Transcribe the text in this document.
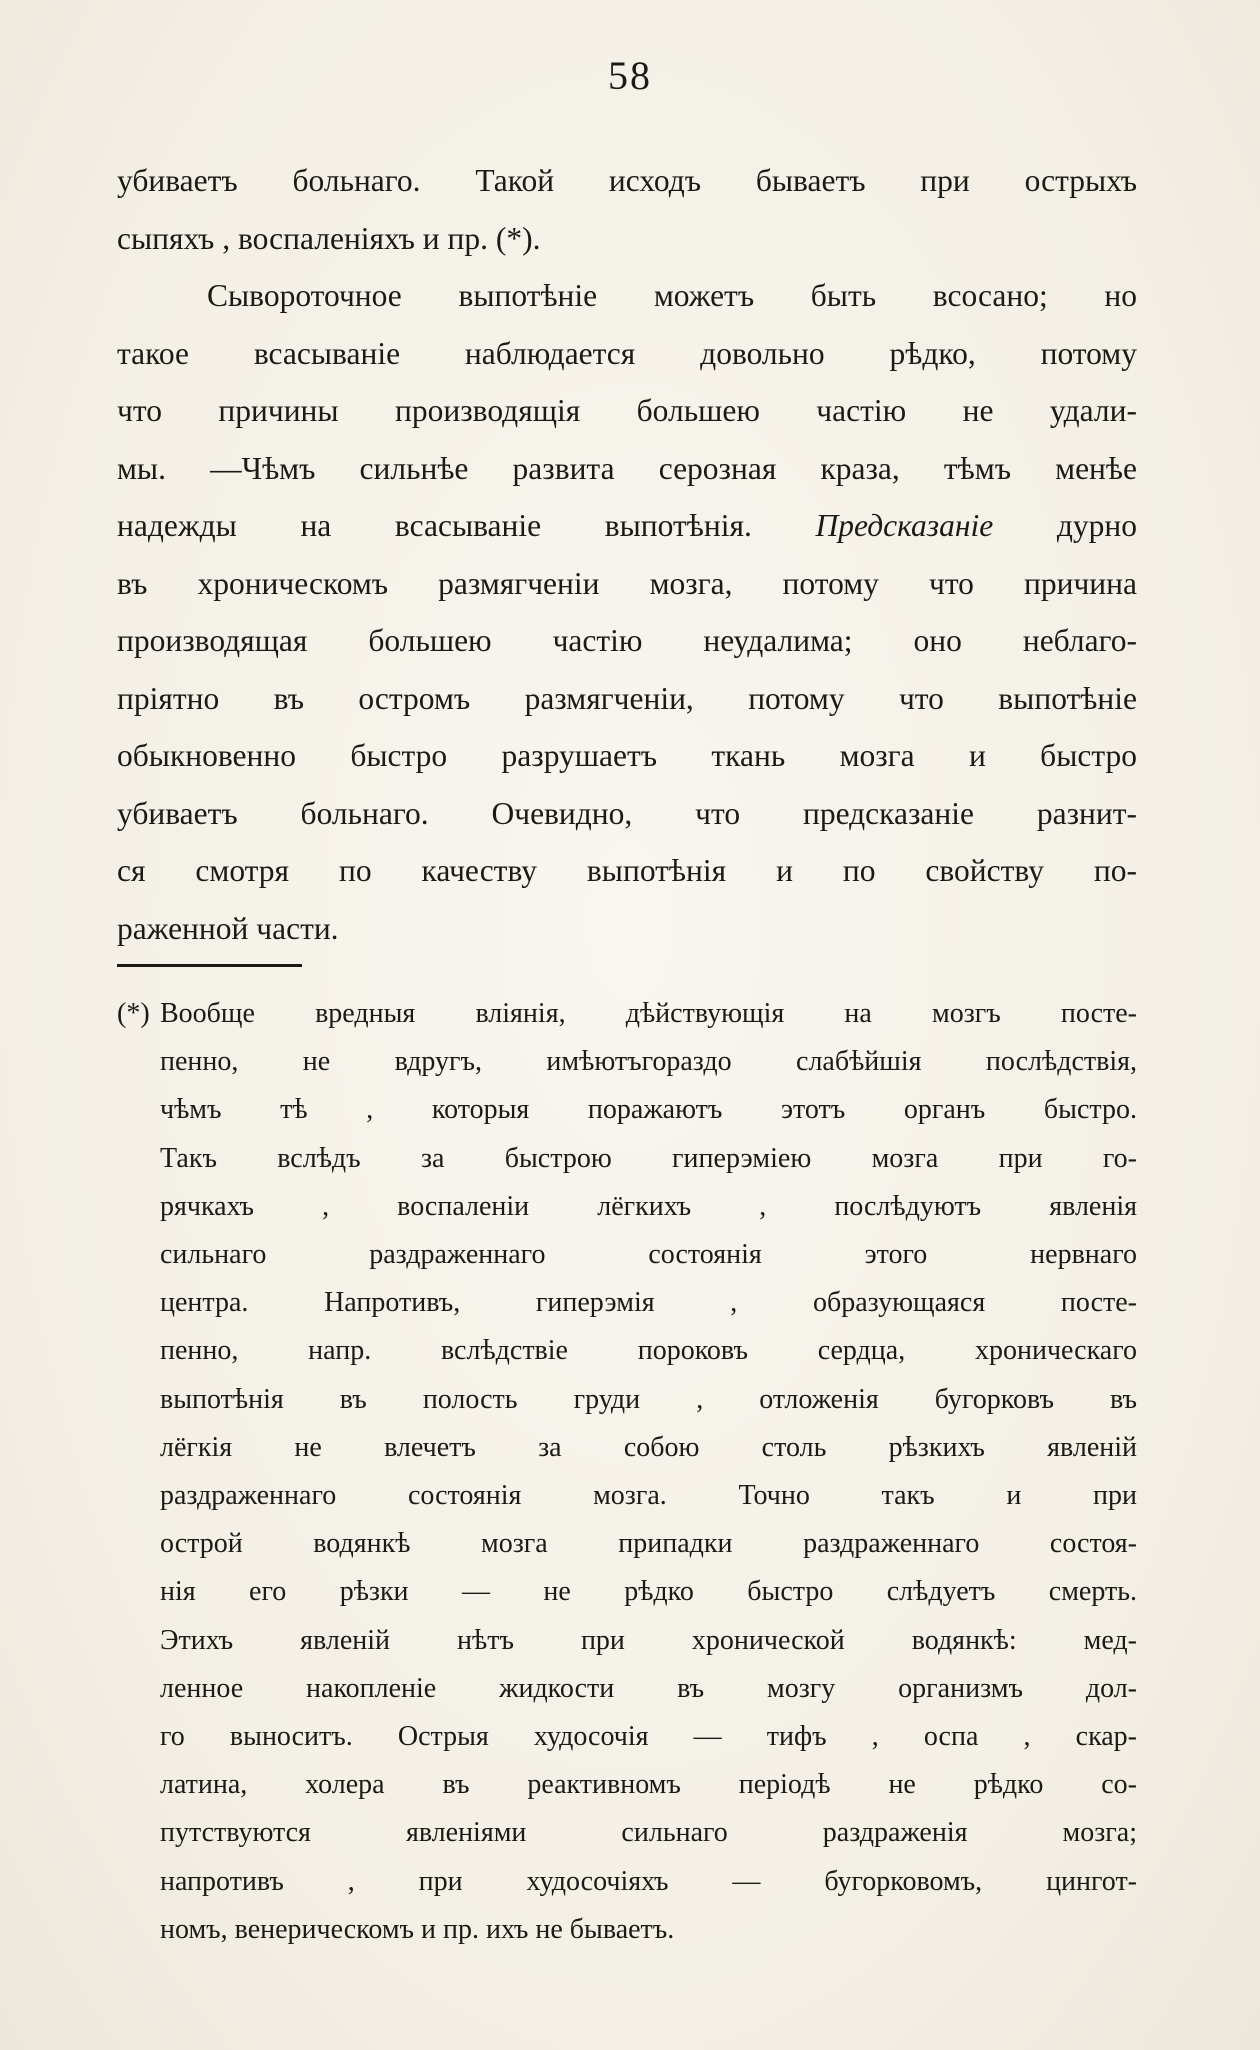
58
убиваетъ больнаго. Такой исходъ бываетъ при острыхъ
сыпяхъ , воспаленіяхъ и пр. (*).
Сывороточное выпотѣніе можетъ быть всосано; но
такое всасываніе наблюдается довольно рѣдко, потому
что причины производящія большею частію не удали-
мы. —Чѣмъ сильнѣе развита серозная краза, тѣмъ менѣе
надежды на всасываніе выпотѣнія. Предсказаніе дурно
въ хроническомъ размягченіи мозга, потому что причина
производящая большею частію неудалима; оно неблаго-
пріятно въ остромъ размягченіи, потому что выпотѣніе
обыкновенно быстро разрушаетъ ткань мозга и быстро
убиваетъ больнаго. Очевидно, что предсказаніе разнит-
ся смотря по качеству выпотѣнія и по свойству по-
раженной части.
(*) Вообще вредныя вліянія, дѣйствующія на мозгъ посте-
пенно, не вдругъ, имѣютъгораздо слабѣйшія послѣдствія,
чѣмъ тѣ , которыя поражаютъ этотъ органъ быстро.
Такъ вслѣдъ за быстрою гиперэміею мозга при го-
рячкахъ , воспаленіи лёгкихъ , послѣдуютъ явленія
сильнаго раздраженнаго состоянія этого нервнаго
центра. Напротивъ, гиперэмія , образующаяся посте-
пенно, напр. вслѣдствіе пороковъ сердца, хроническаго
выпотѣнія въ полость груди , отложенія бугорковъ въ
лёгкія не влечетъ за собою столь рѣзкихъ явленій
раздраженнаго состоянія мозга. Точно такъ и при
острой водянкѣ мозга припадки раздраженнаго состоя-
нія его рѣзки — не рѣдко быстро слѣдуетъ смерть.
Этихъ явленій нѣтъ при хронической водянкѣ: мед-
ленное накопленіе жидкости въ мозгу организмъ дол-
го выноситъ. Острыя худосочія — тифъ , оспа , скар-
латина, холера въ реактивномъ періодѣ не рѣдко со-
путствуются явленіями сильнаго раздраженія мозга;
напротивъ , при худосочіяхъ — бугорковомъ, цингот-
номъ, венерическомъ и пр. ихъ не бываетъ.
